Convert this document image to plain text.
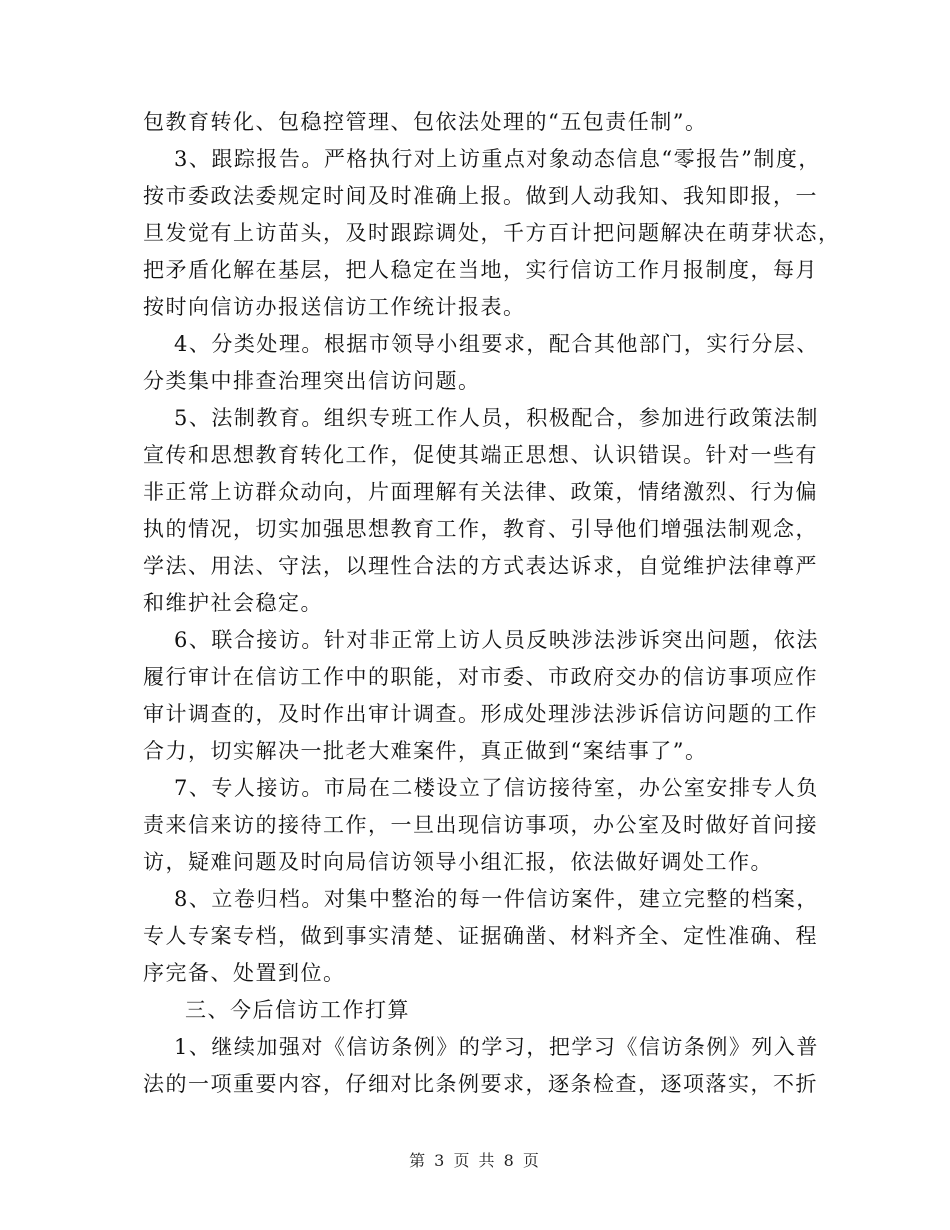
包教育转化、包稳控管理、包依法处理的“五包责任制”。
3、跟踪报告。严格执行对上访重点对象动态信息“零报告”制度，
按市委政法委规定时间及时准确上报。做到人动我知、我知即报，一
旦发觉有上访苗头，及时跟踪调处，千方百计把问题解决在萌芽状态，
把矛盾化解在基层，把人稳定在当地，实行信访工作月报制度，每月
按时向信访办报送信访工作统计报表。
4、分类处理。根据市领导小组要求，配合其他部门，实行分层、
分类集中排查治理突出信访问题。
5、法制教育。组织专班工作人员，积极配合，参加进行政策法制
宣传和思想教育转化工作，促使其端正思想、认识错误。针对一些有
非正常上访群众动向，片面理解有关法律、政策，情绪激烈、行为偏
执的情况，切实加强思想教育工作，教育、引导他们增强法制观念，
学法、用法、守法，以理性合法的方式表达诉求，自觉维护法律尊严
和维护社会稳定。
6、联合接访。针对非正常上访人员反映涉法涉诉突出问题，依法
履行审计在信访工作中的职能，对市委、市政府交办的信访事项应作
审计调查的，及时作出审计调查。形成处理涉法涉诉信访问题的工作
合力，切实解决一批老大难案件，真正做到“案结事了”。
7、专人接访。市局在二楼设立了信访接待室，办公室安排专人负
责来信来访的接待工作，一旦出现信访事项，办公室及时做好首问接
访，疑难问题及时向局信访领导小组汇报，依法做好调处工作。
8、立卷归档。对集中整治的每一件信访案件，建立完整的档案，
专人专案专档，做到事实清楚、证据确凿、材料齐全、定性准确、程
序完备、处置到位。
三、今后信访工作打算
1、继续加强对《信访条例》的学习，把学习《信访条例》列入普
法的一项重要内容，仔细对比条例要求，逐条检查，逐项落实，不折
第 3 页 共 8 页
